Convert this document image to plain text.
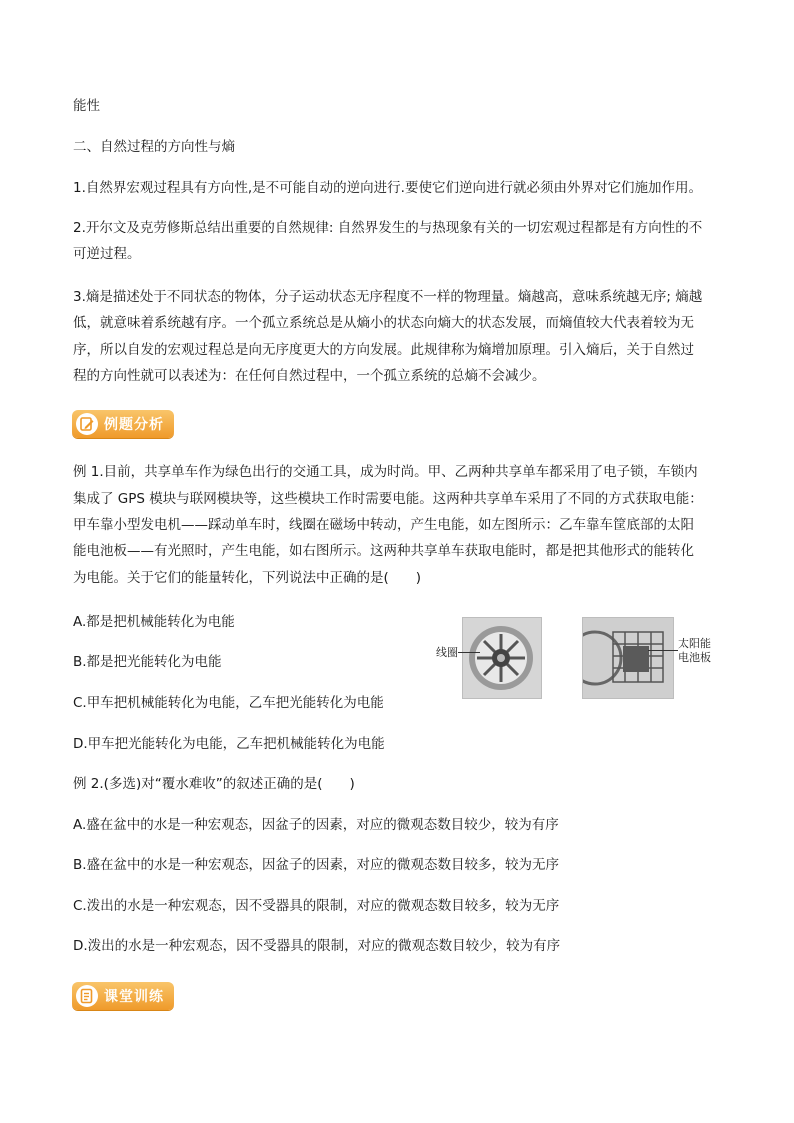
能性
二、自然过程的方向性与熵
1.自然界宏观过程具有方向性,是不可能自动的逆向进行.要使它们逆向进行就必须由外界对它们施加作用。
2.开尔文及克劳修斯总结出重要的自然规律: 自然界发生的与热现象有关的一切宏观过程都是有方向性的不
可逆过程。
3.熵是描述处于不同状态的物体，分子运动状态无序程度不一样的物理量。熵越高，意味系统越无序; 熵越
低，就意味着系统越有序。一个孤立系统总是从熵小的状态向熵大的状态发展，而熵值较大代表着较为无
序，所以自发的宏观过程总是向无序度更大的方向发展。此规律称为熵增加原理。引入熵后，关于自然过
程的方向性就可以表述为：在任何自然过程中，一个孤立系统的总熵不会减少。
例题分析
例 1.目前，共享单车作为绿色出行的交通工具，成为时尚。甲、乙两种共享单车都采用了电子锁，车锁内
集成了 GPS 模块与联网模块等，这些模块工作时需要电能。这两种共享单车采用了不同的方式获取电能：
甲车靠小型发电机——踩动单车时，线圈在磁场中转动，产生电能，如左图所示：乙车靠车筐底部的太阳
能电池板——有光照时，产生电能，如右图所示。这两种共享单车获取电能时，都是把其他形式的能转化
为电能。关于它们的能量转化，下列说法中正确的是(　　)
A.都是把机械能转化为电能
B.都是把光能转化为电能
C.甲车把机械能转化为电能，乙车把光能转化为电能
D.甲车把光能转化为电能，乙车把机械能转化为电能
线圈
太阳能
电池板
例 2.(多选)对“覆水难收”的叙述正确的是(　　)
A.盛在盆中的水是一种宏观态，因盆子的因素，对应的微观态数目较少，较为有序
B.盛在盆中的水是一种宏观态，因盆子的因素，对应的微观态数目较多，较为无序
C.泼出的水是一种宏观态，因不受器具的限制，对应的微观态数目较多，较为无序
D.泼出的水是一种宏观态，因不受器具的限制，对应的微观态数目较少，较为有序
课堂训练
